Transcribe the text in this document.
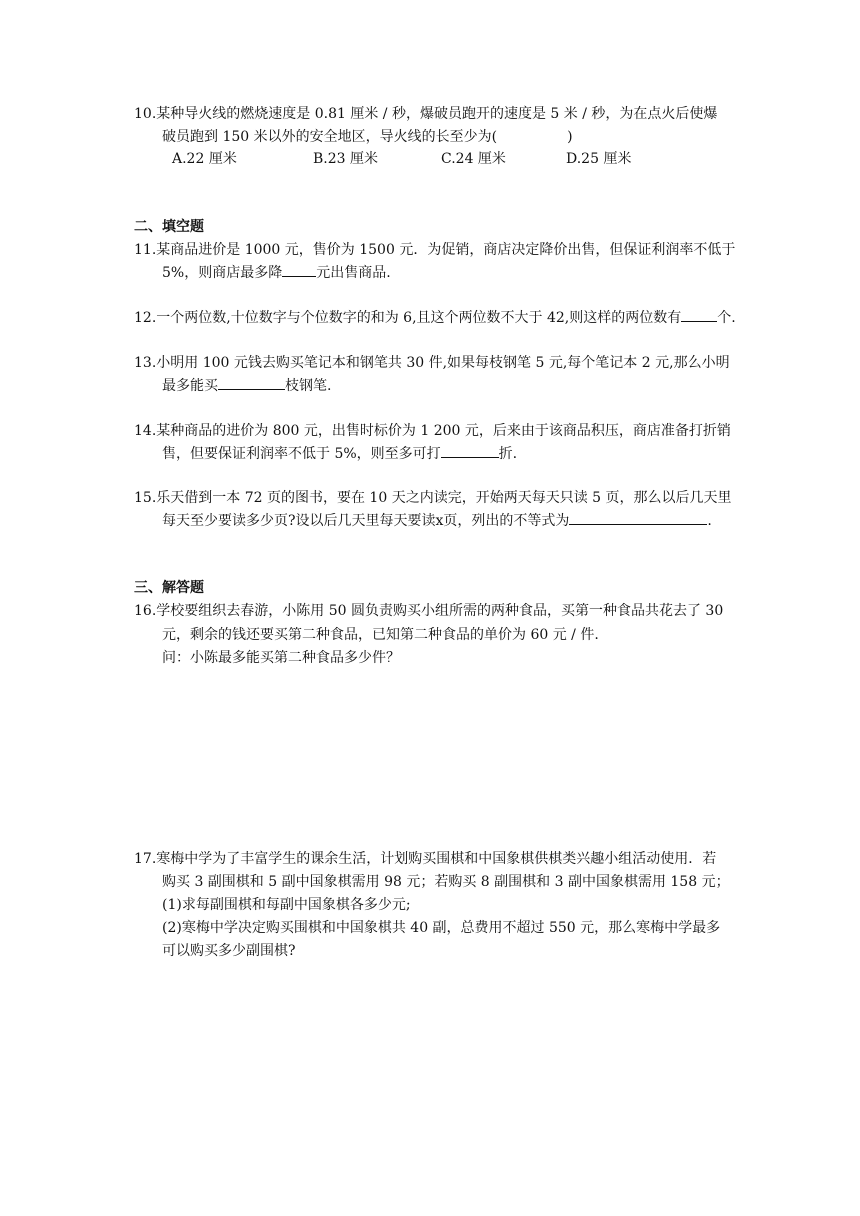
10.某种导火线的燃烧速度是 0.81 厘米 / 秒，爆破员跑开的速度是 5 米 / 秒，为在点火后使爆
破员跑到 150 米以外的安全地区，导火线的长至少为(　　　　　)
A.22 厘米	B.23 厘米	C.24 厘米	D.25 厘米
二、填空题
11.某商品进价是 1000 元，售价为 1500 元．为促销，商店决定降价出售，但保证利润率不低于
5%，则商店最多降 元出售商品.
12.一个两位数,十位数字与个位数字的和为 6,且这个两位数不大于 42,则这样的两位数有	个.
13.小明用 100 元钱去购买笔记本和钢笔共 30 件,如果每枝钢笔 5 元,每个笔记本 2 元,那么小明
最多能买	枝钢笔.
14.某种商品的进价为 800 元，出售时标价为 1 200 元，后来由于该商品积压，商店准备打折销
售，但要保证利润率不低于 5%，则至多可打	折.
15.乐天借到一本 72 页的图书，要在 10 天之内读完，开始两天每天只读 5 页，那么以后几天里
每天至少要读多少页?设以后几天里每天要读x页，列出的不等式为	.
三、解答题
16.学校要组织去春游，小陈用 50 圆负责购买小组所需的两种食品，买第一种食品共花去了 30
元，剩余的钱还要买第二种食品，已知第二种食品的单价为 60 元 / 件.
问：小陈最多能买第二种食品多少件？
17.寒梅中学为了丰富学生的课余生活，计划购买围棋和中国象棋供棋类兴趣小组活动使用．若
购买 3 副围棋和 5 副中国象棋需用 98 元；若购买 8 副围棋和 3 副中国象棋需用 158 元；
(1)求每副围棋和每副中国象棋各多少元;
(2)寒梅中学决定购买围棋和中国象棋共 40 副，总费用不超过 550 元，那么寒梅中学最多
可以购买多少副围棋?
